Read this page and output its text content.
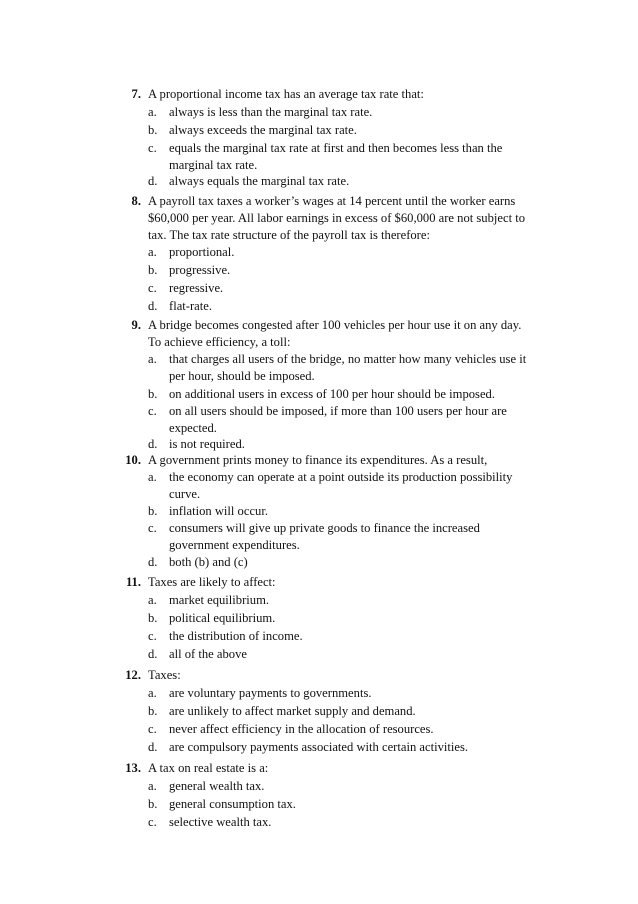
7. A proportional income tax has an average tax rate that:
a. always is less than the marginal tax rate.
b. always exceeds the marginal tax rate.
c. equals the marginal tax rate at first and then becomes less than the
marginal tax rate.
d. always equals the marginal tax rate.
8. A payroll tax taxes a worker’s wages at 14 percent until the worker earns
$60,000 per year. All labor earnings in excess of $60,000 are not subject to
tax. The tax rate structure of the payroll tax is therefore:
a. proportional.
b. progressive.
c. regressive.
d. flat-rate.
9. A bridge becomes congested after 100 vehicles per hour use it on any day.
To achieve efficiency, a toll:
a. that charges all users of the bridge, no matter how many vehicles use it
per hour, should be imposed.
b. on additional users in excess of 100 per hour should be imposed.
c. on all users should be imposed, if more than 100 users per hour are
expected.
d. is not required.
10. A government prints money to finance its expenditures. As a result,
a. the economy can operate at a point outside its production possibility
curve.
b. inflation will occur.
c. consumers will give up private goods to finance the increased
government expenditures.
d. both (b) and (c)
11. Taxes are likely to affect:
a. market equilibrium.
b. political equilibrium.
c. the distribution of income.
d. all of the above
12. Taxes:
a. are voluntary payments to governments.
b. are unlikely to affect market supply and demand.
c. never affect efficiency in the allocation of resources.
d. are compulsory payments associated with certain activities.
13. A tax on real estate is a:
a. general wealth tax.
b. general consumption tax.
c. selective wealth tax.
